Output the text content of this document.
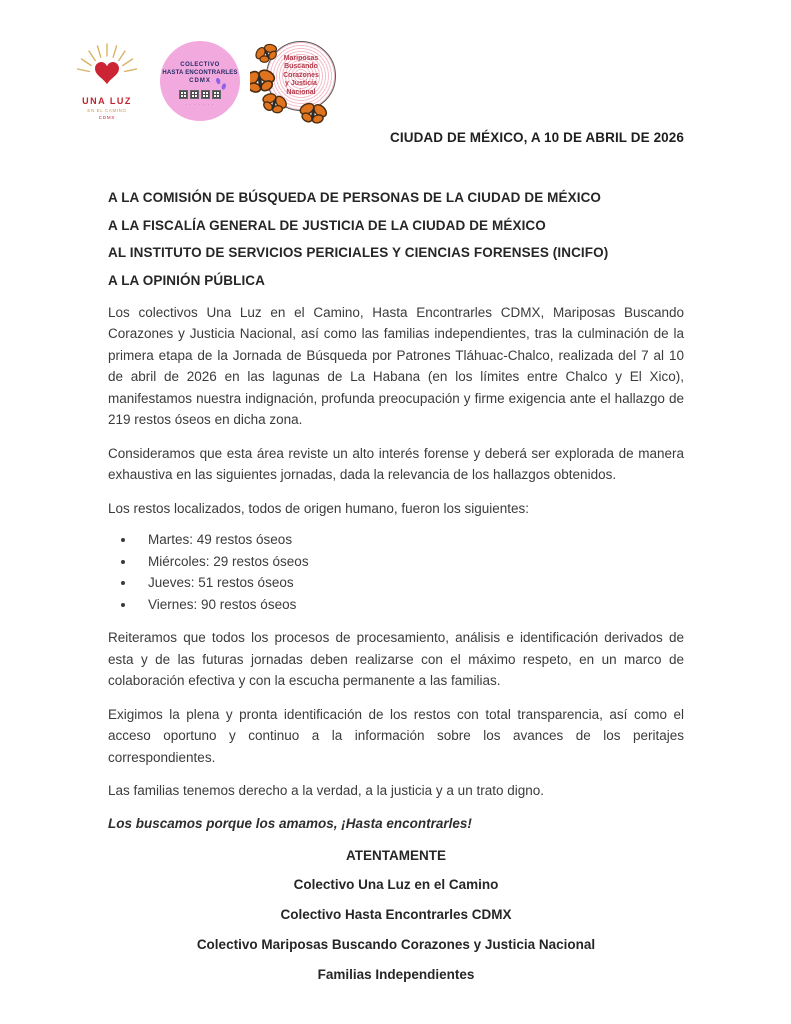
UNA LUZ
EN EL CAMINO
CDMX
COLECTIVO
HASTA ENCONTRARLES
CDMX
· · · · · · ·
Mariposas
Buscando Corazones
y Justicia
Nacional
CIUDAD DE MÉXICO, A 10 DE ABRIL DE 2026
A LA COMISIÓN DE BÚSQUEDA DE PERSONAS DE LA CIUDAD DE MÉXICO
A LA FISCALÍA GENERAL DE JUSTICIA DE LA CIUDAD DE MÉXICO
AL INSTITUTO DE SERVICIOS PERICIALES Y CIENCIAS FORENSES (INCIFO)
A LA OPINIÓN PÚBLICA

Los colectivos Una Luz en el Camino, Hasta Encontrarles CDMX, Mariposas Buscando Corazones y Justicia Nacional, así como las familias independientes, tras la culminación de la primera etapa de la Jornada de Búsqueda por Patrones Tláhuac-Chalco, realizada del 7 al 10 de abril de 2026 en las lagunas de La Habana (en los límites entre Chalco y El Xico), manifestamos nuestra indignación, profunda preocupación y firme exigencia ante el hallazgo de 219 restos óseos en dicha zona.

Consideramos que esta área reviste un alto interés forense y deberá ser explorada de manera exhaustiva en las siguientes jornadas, dada la relevancia de los hallazgos obtenidos.

Los restos localizados, todos de origen humano, fueron los siguientes:

• Martes: 49 restos óseos
• Miércoles: 29 restos óseos
• Jueves: 51 restos óseos
• Viernes: 90 restos óseos

Reiteramos que todos los procesos de procesamiento, análisis e identificación derivados de esta y de las futuras jornadas deben realizarse con el máximo respeto, en un marco de colaboración efectiva y con la escucha permanente a las familias.

Exigimos la plena y pronta identificación de los restos con total transparencia, así como el acceso oportuno y continuo a la información sobre los avances de los peritajes correspondientes.

Las familias tenemos derecho a la verdad, a la justicia y a un trato digno.

Los buscamos porque los amamos, ¡Hasta encontrarles!

ATENTAMENTE
Colectivo Una Luz en el Camino
Colectivo Hasta Encontrarles CDMX
Colectivo Mariposas Buscando Corazones y Justicia Nacional
Familias Independientes
